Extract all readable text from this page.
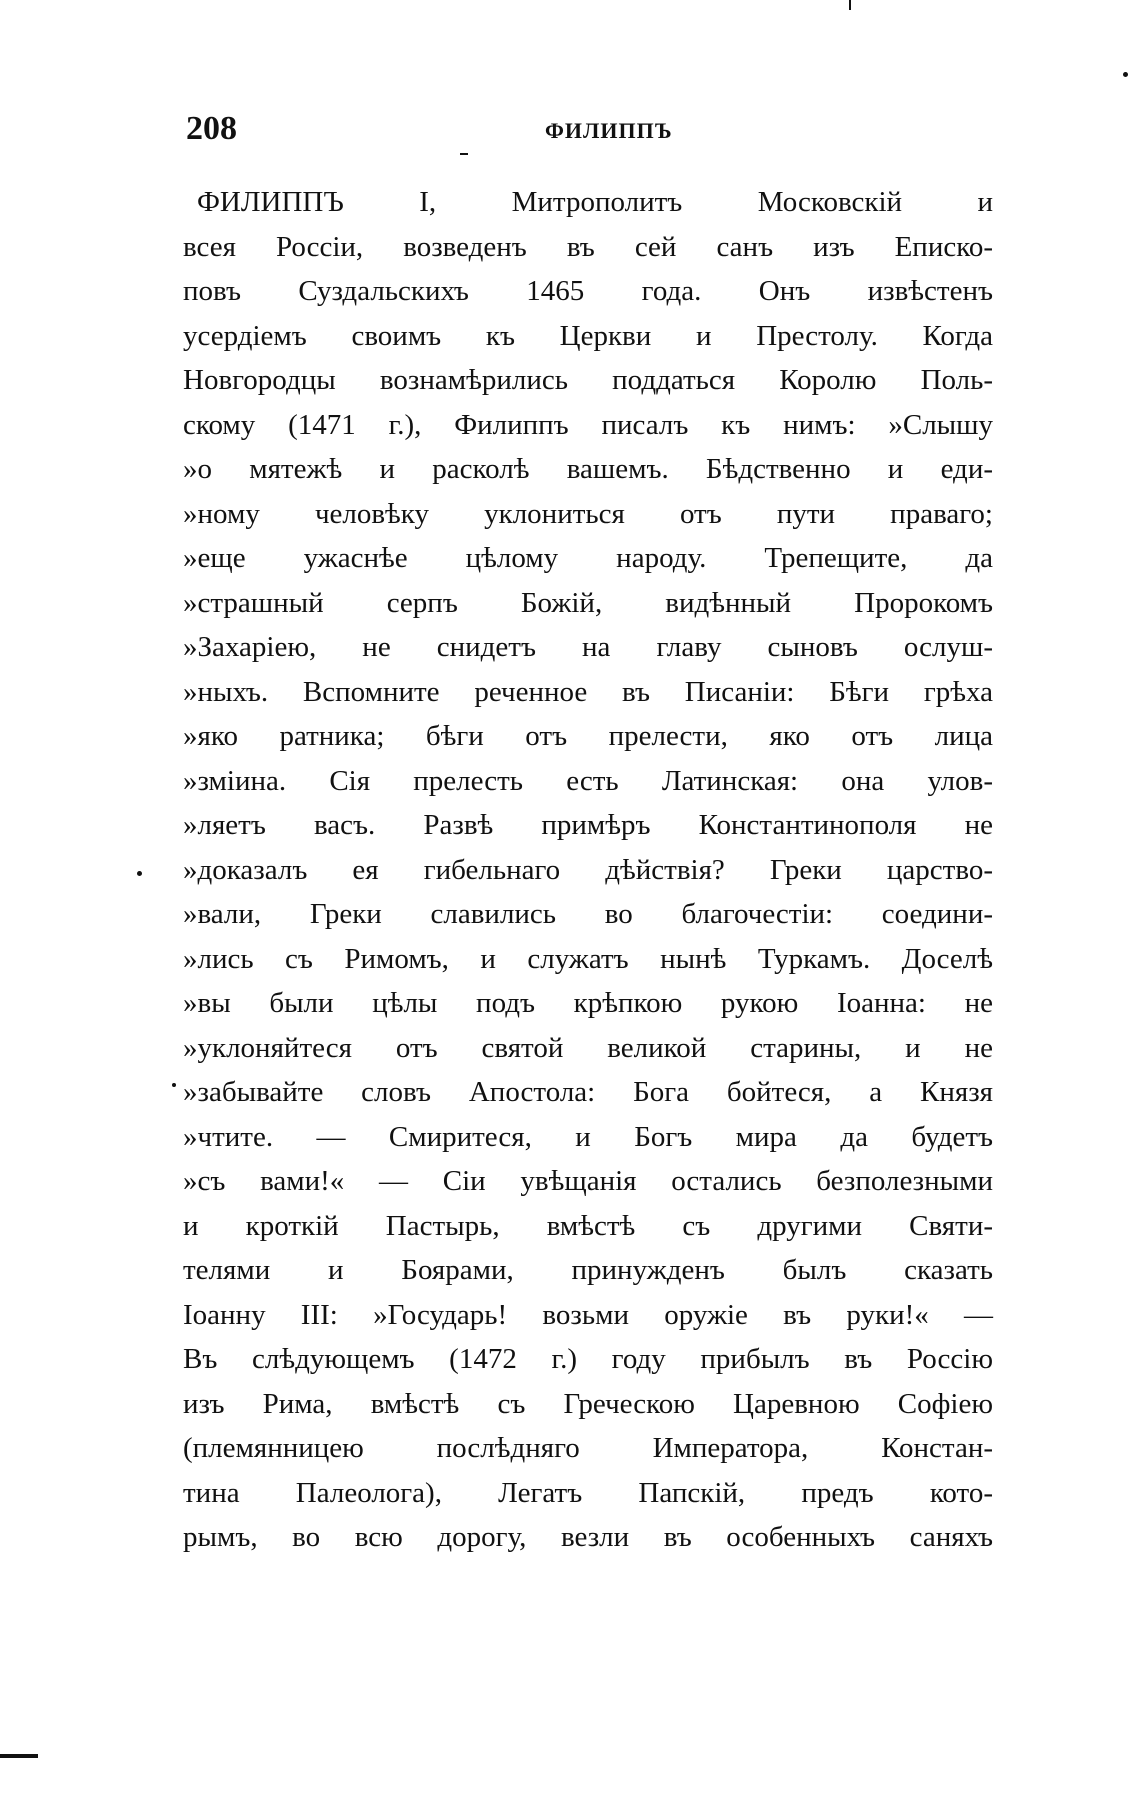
208	ФИЛИППЪ
ФИЛИППЪ I, Митрополитъ Московскій и
всея Россіи, возведенъ въ сей санъ изъ Еписко-
повъ Суздальскихъ 1465 года. Онъ извѣстенъ
усердіемъ своимъ къ Церкви и Престолу. Когда
Новгородцы вознамѣрились поддаться Королю Поль-
скому (1471 г.), Филиппъ писалъ къ нимъ: »Слышу
»о мятежѣ и расколѣ вашемъ. Бѣдственно и еди-
»ному человѣку уклониться отъ пути праваго;
»еще ужаснѣе цѣлому народу. Трепещите, да
»страшный серпъ Божій, видѣнный Пророкомъ
»Захаріею, не снидетъ на главу сыновъ ослуш-
»ныхъ. Вспомните реченное въ Писаніи: Бѣги грѣха
»яко ратника; бѣги отъ прелести, яко отъ лица
»змiина. Сія прелесть есть Латинская: она улов-
»ляетъ васъ. Развѣ примѣръ Константинополя не
»доказалъ ея гибельнаго дѣйствія? Греки царство-
»вали, Греки славились во благочестіи: соедини-
»лись съ Римомъ, и служатъ нынѣ Туркамъ. Доселѣ
»вы были цѣлы подъ крѣпкою рукою Іоанна: не
»уклоняйтеся отъ святой великой старины, и не
»забывайте словъ Апостола: Бога бойтеся, а Князя
»чтите. — Смиритеся, и Богъ мира да будетъ
»съ вами!« — Сіи увѣщанія остались безполезными
и кроткій Пастырь, вмѣстѣ съ другими Святи-
телями и Боярами, принужденъ былъ сказать
Іоанну III: »Государь! возьми оружіе въ руки!« —
Въ слѣдующемъ (1472 г.) году прибылъ въ Россію
изъ Рима, вмѣстѣ съ Греческою Царевною Софіею
(племянницею послѣдняго Императора, Констан-
тина Палеолога), Легатъ Папскій, предъ кото-
рымъ, во всю дорогу, везли въ особенныхъ саняхъ
